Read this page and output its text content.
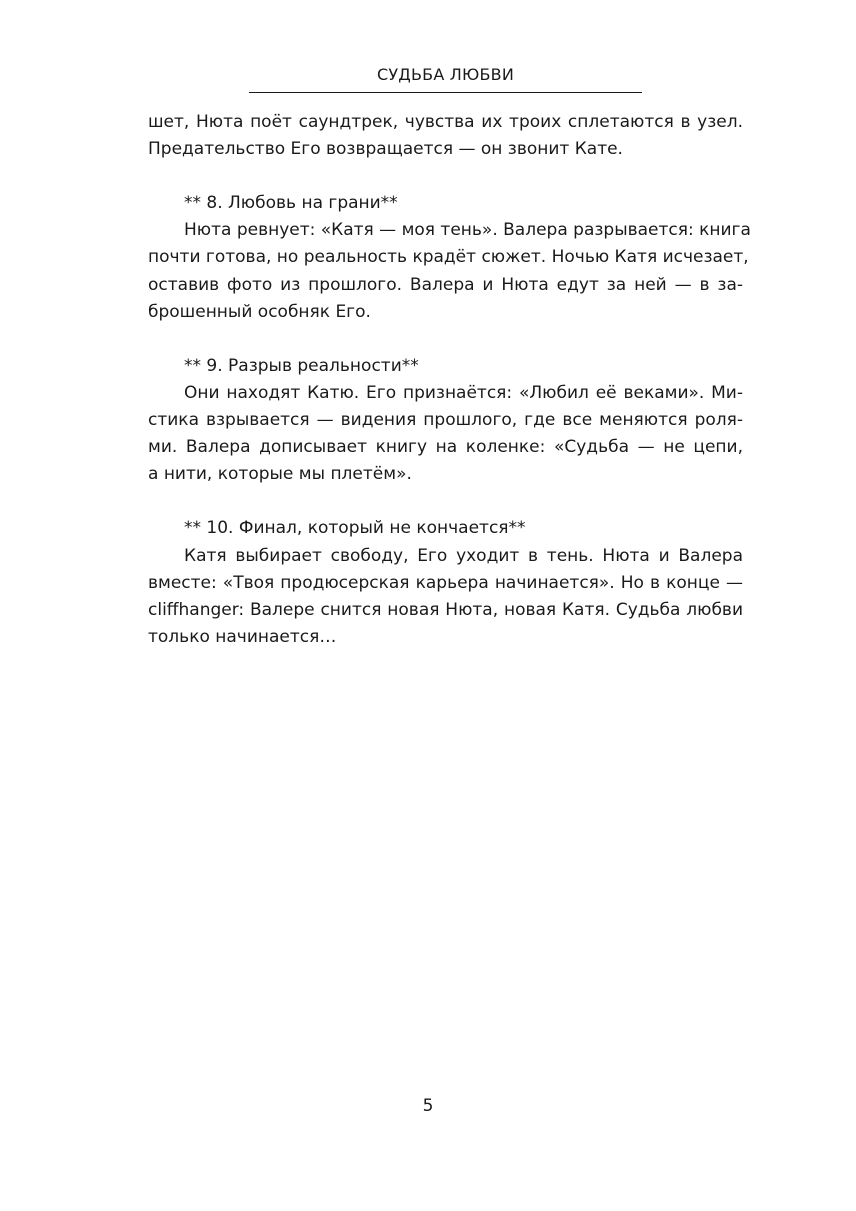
СУДЬБА ЛЮБВИ
шет, Нюта поёт саундтрек, чувства их троих сплетаются в узел.
Предательство Его возвращается — он звонит Кате.
** 8. Любовь на грани**
Нюта ревнует: «Катя — моя тень». Валера разрывается: книга
почти готова, но реальность крадёт сюжет. Ночью Катя исчезает,
оставив фото из прошлого. Валера и Нюта едут за ней — в за-
брошенный особняк Его.
** 9. Разрыв реальности**
Они находят Катю. Его признаётся: «Любил её веками». Ми-
стика взрывается — видения прошлого, где все меняются роля-
ми. Валера дописывает книгу на коленке: «Судьба — не цепи,
а нити, которые мы плетём».
** 10. Финал, который не кончается**
Катя выбирает свободу, Его уходит в тень. Нюта и Валера
вместе: «Твоя продюсерская карьера начинается». Но в конце —
cliffhanger: Валере снится новая Нюта, новая Катя. Судьба любви
только начинается…
5
